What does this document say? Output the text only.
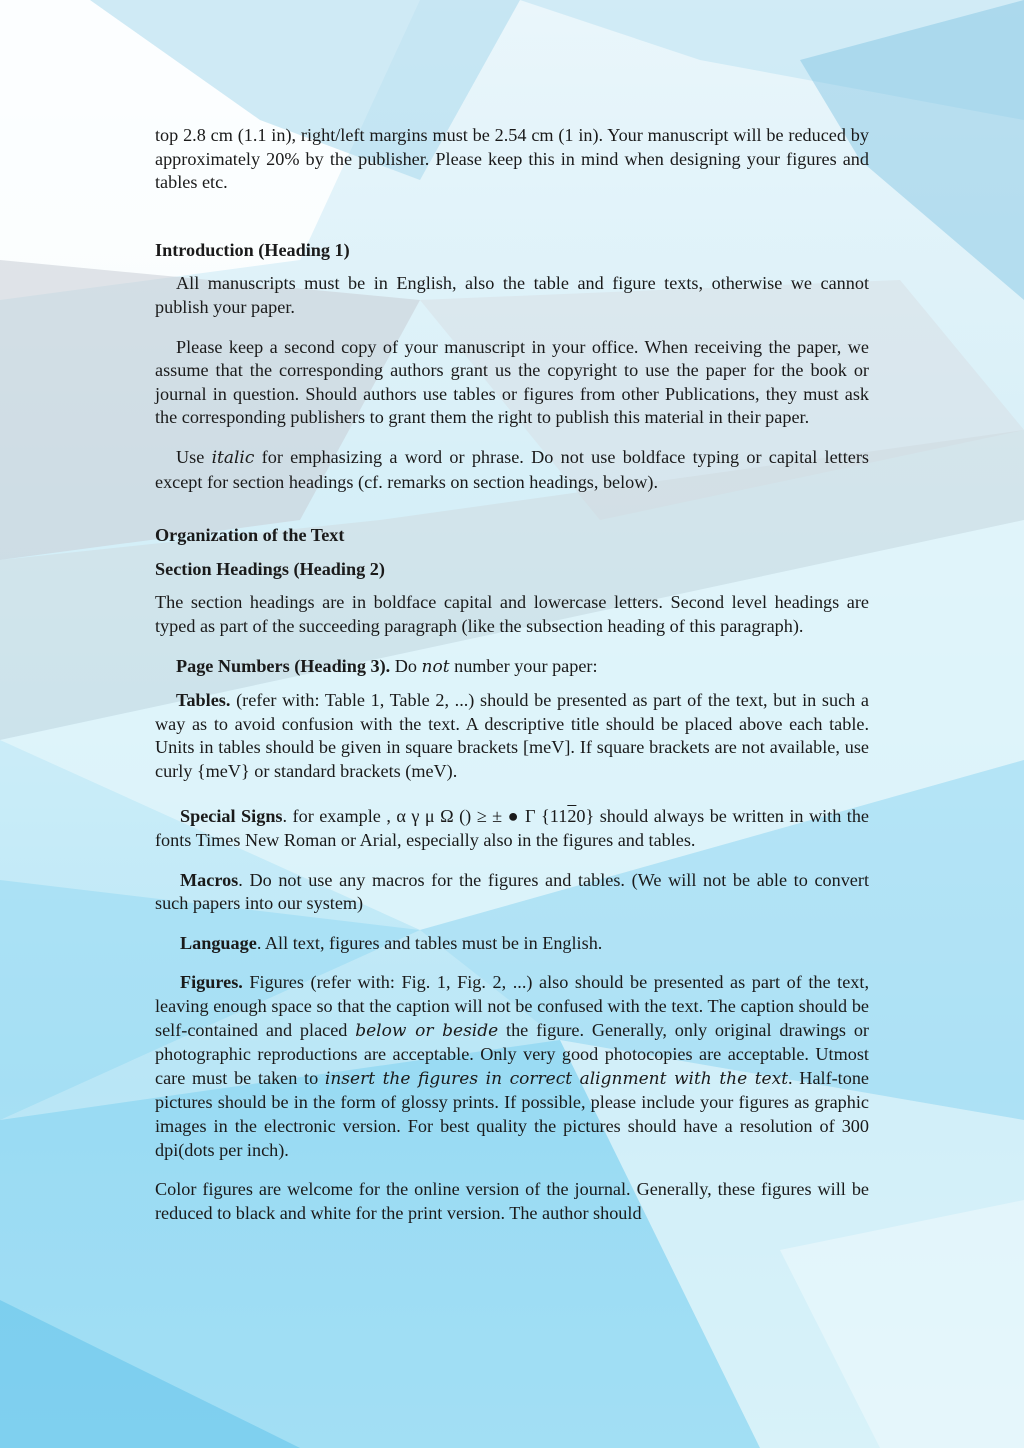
top 2.8 cm (1.1 in), right/left margins must be 2.54 cm (1 in). Your manuscript will be reduced by approximately 20% by the publisher. Please keep this in mind when designing your figures and tables etc.

Introduction (Heading 1)

All manuscripts must be in English, also the table and figure texts, otherwise we cannot publish your paper.

Please keep a second copy of your manuscript in your office. When receiving the paper, we assume that the corresponding authors grant us the copyright to use the paper for the book or journal in question. Should authors use tables or figures from other Publications, they must ask the corresponding publishers to grant them the right to publish this material in their paper.

Use italic for emphasizing a word or phrase. Do not use boldface typing or capital letters except for section headings (cf. remarks on section headings, below).

Organization of the Text

Section Headings (Heading 2)

The section headings are in boldface capital and lowercase letters. Second level headings are typed as part of the succeeding paragraph (like the subsection heading of this paragraph).

Page Numbers (Heading 3). Do not number your paper:

Tables. (refer with: Table 1, Table 2, ...) should be presented as part of the text, but in such a way as to avoid confusion with the text. A descriptive title should be placed above each table. Units in tables should be given in square brackets [meV]. If square brackets are not available, use curly {meV} or standard brackets (meV).

Special Signs. for example , α γ μ Ω () ≥ ± ● Γ {1120} should always be written in with the fonts Times New Roman or Arial, especially also in the figures and tables.

Macros. Do not use any macros for the figures and tables. (We will not be able to convert such papers into our system)

Language. All text, figures and tables must be in English.

Figures. Figures (refer with: Fig. 1, Fig. 2, ...) also should be presented as part of the text, leaving enough space so that the caption will not be confused with the text. The caption should be self-contained and placed below or beside the figure. Generally, only original drawings or photographic reproductions are acceptable. Only very good photocopies are acceptable. Utmost care must be taken to insert the figures in correct alignment with the text. Half-tone pictures should be in the form of glossy prints. If possible, please include your figures as graphic images in the electronic version. For best quality the pictures should have a resolution of 300 dpi(dots per inch).

Color figures are welcome for the online version of the journal. Generally, these figures will be reduced to black and white for the print version. The author should
